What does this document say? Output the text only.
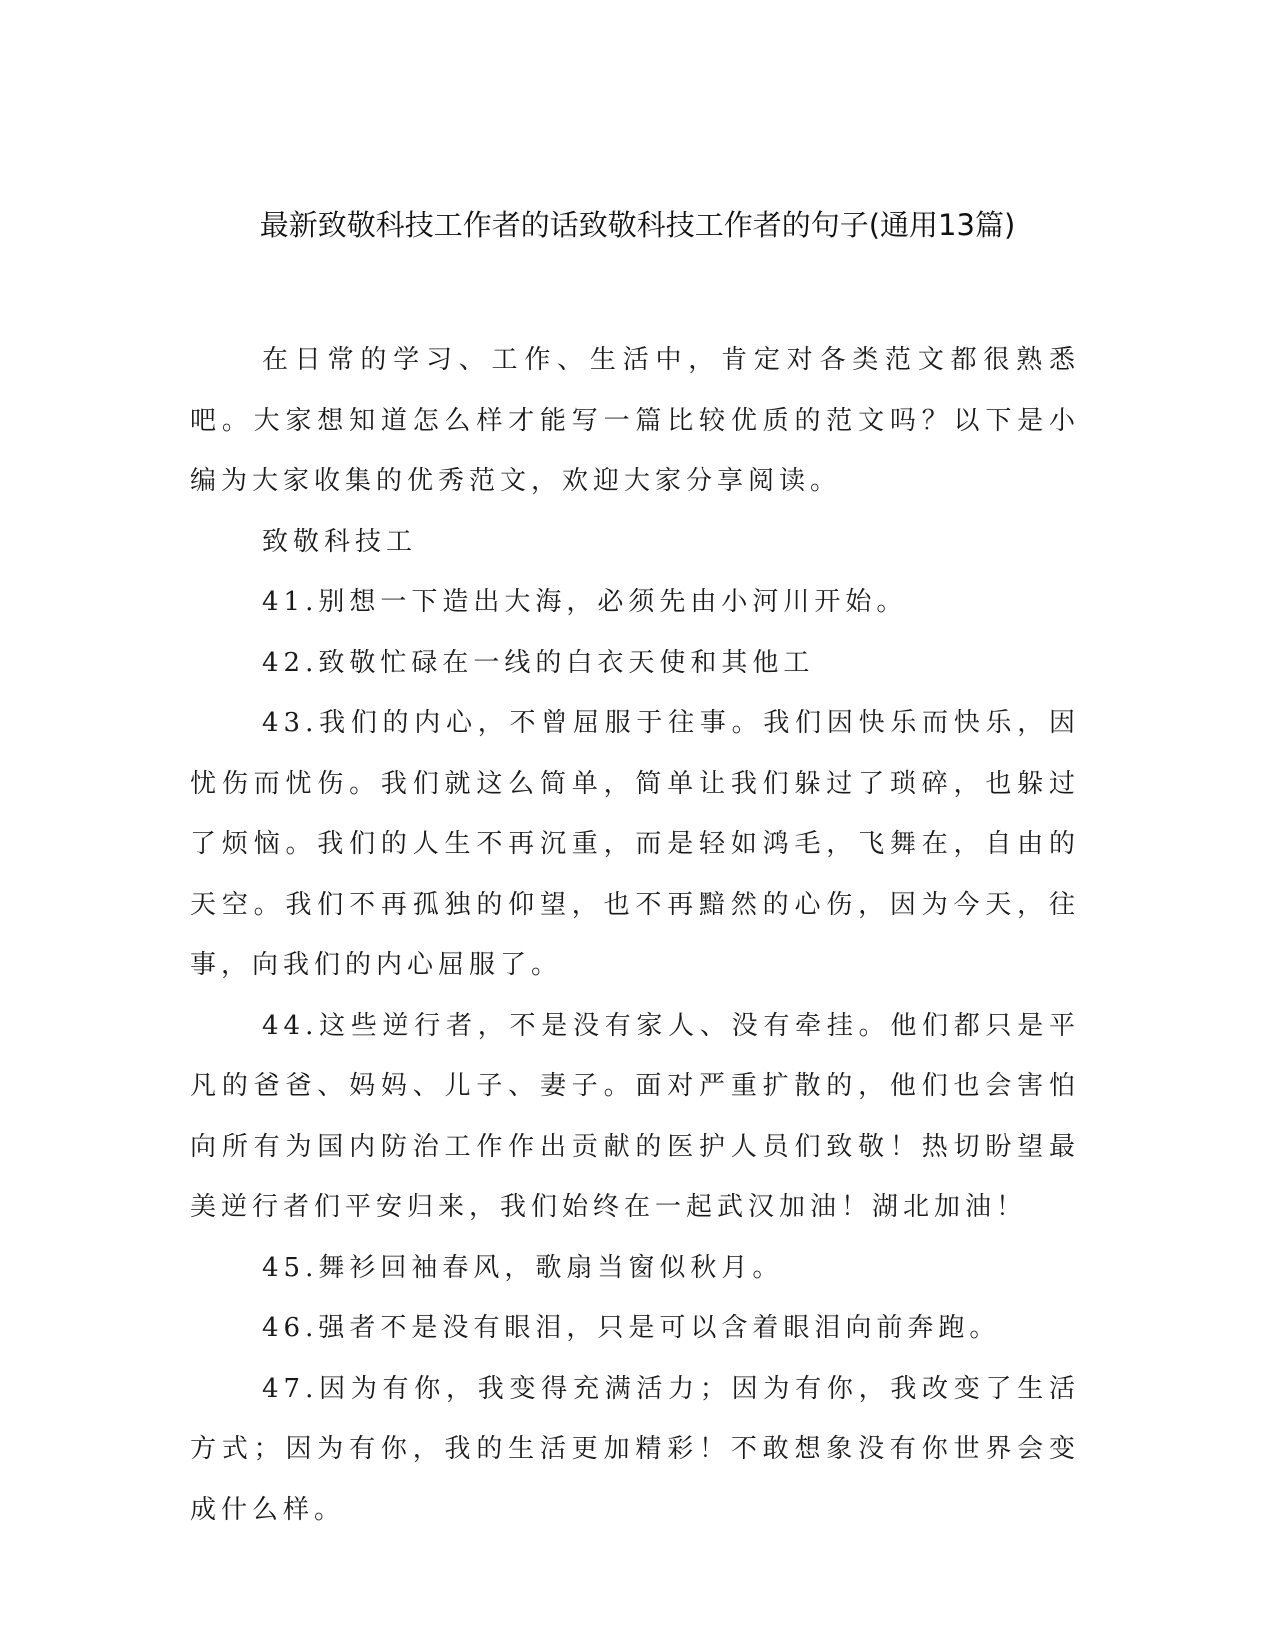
最新致敬科技工作者的话致敬科技工作者的句子(通用13篇)

在日常的学习、工作、生活中，肯定对各类范文都很熟悉吧。大家想知道怎么样才能写一篇比较优质的范文吗？以下是小编为大家收集的优秀范文，欢迎大家分享阅读。

致敬科技工

41.别想一下造出大海，必须先由小河川开始。

42.致敬忙碌在一线的白衣天使和其他工

43.我们的内心，不曾屈服于往事。我们因快乐而快乐，因忧伤而忧伤。我们就这么简单，简单让我们躲过了琐碎，也躲过了烦恼。我们的人生不再沉重，而是轻如鸿毛，飞舞在，自由的天空。我们不再孤独的仰望，也不再黯然的心伤，因为今天，往事，向我们的内心屈服了。

44.这些逆行者，不是没有家人、没有牵挂。他们都只是平凡的爸爸、妈妈、儿子、妻子。面对严重扩散的，他们也会害怕向所有为国内防治工作作出贡献的医护人员们致敬！热切盼望最美逆行者们平安归来，我们始终在一起武汉加油！湖北加油！

45.舞衫回袖春风，歌扇当窗似秋月。

46.强者不是没有眼泪，只是可以含着眼泪向前奔跑。

47.因为有你，我变得充满活力；因为有你，我改变了生活方式；因为有你，我的生活更加精彩！不敢想象没有你世界会变成什么样。
